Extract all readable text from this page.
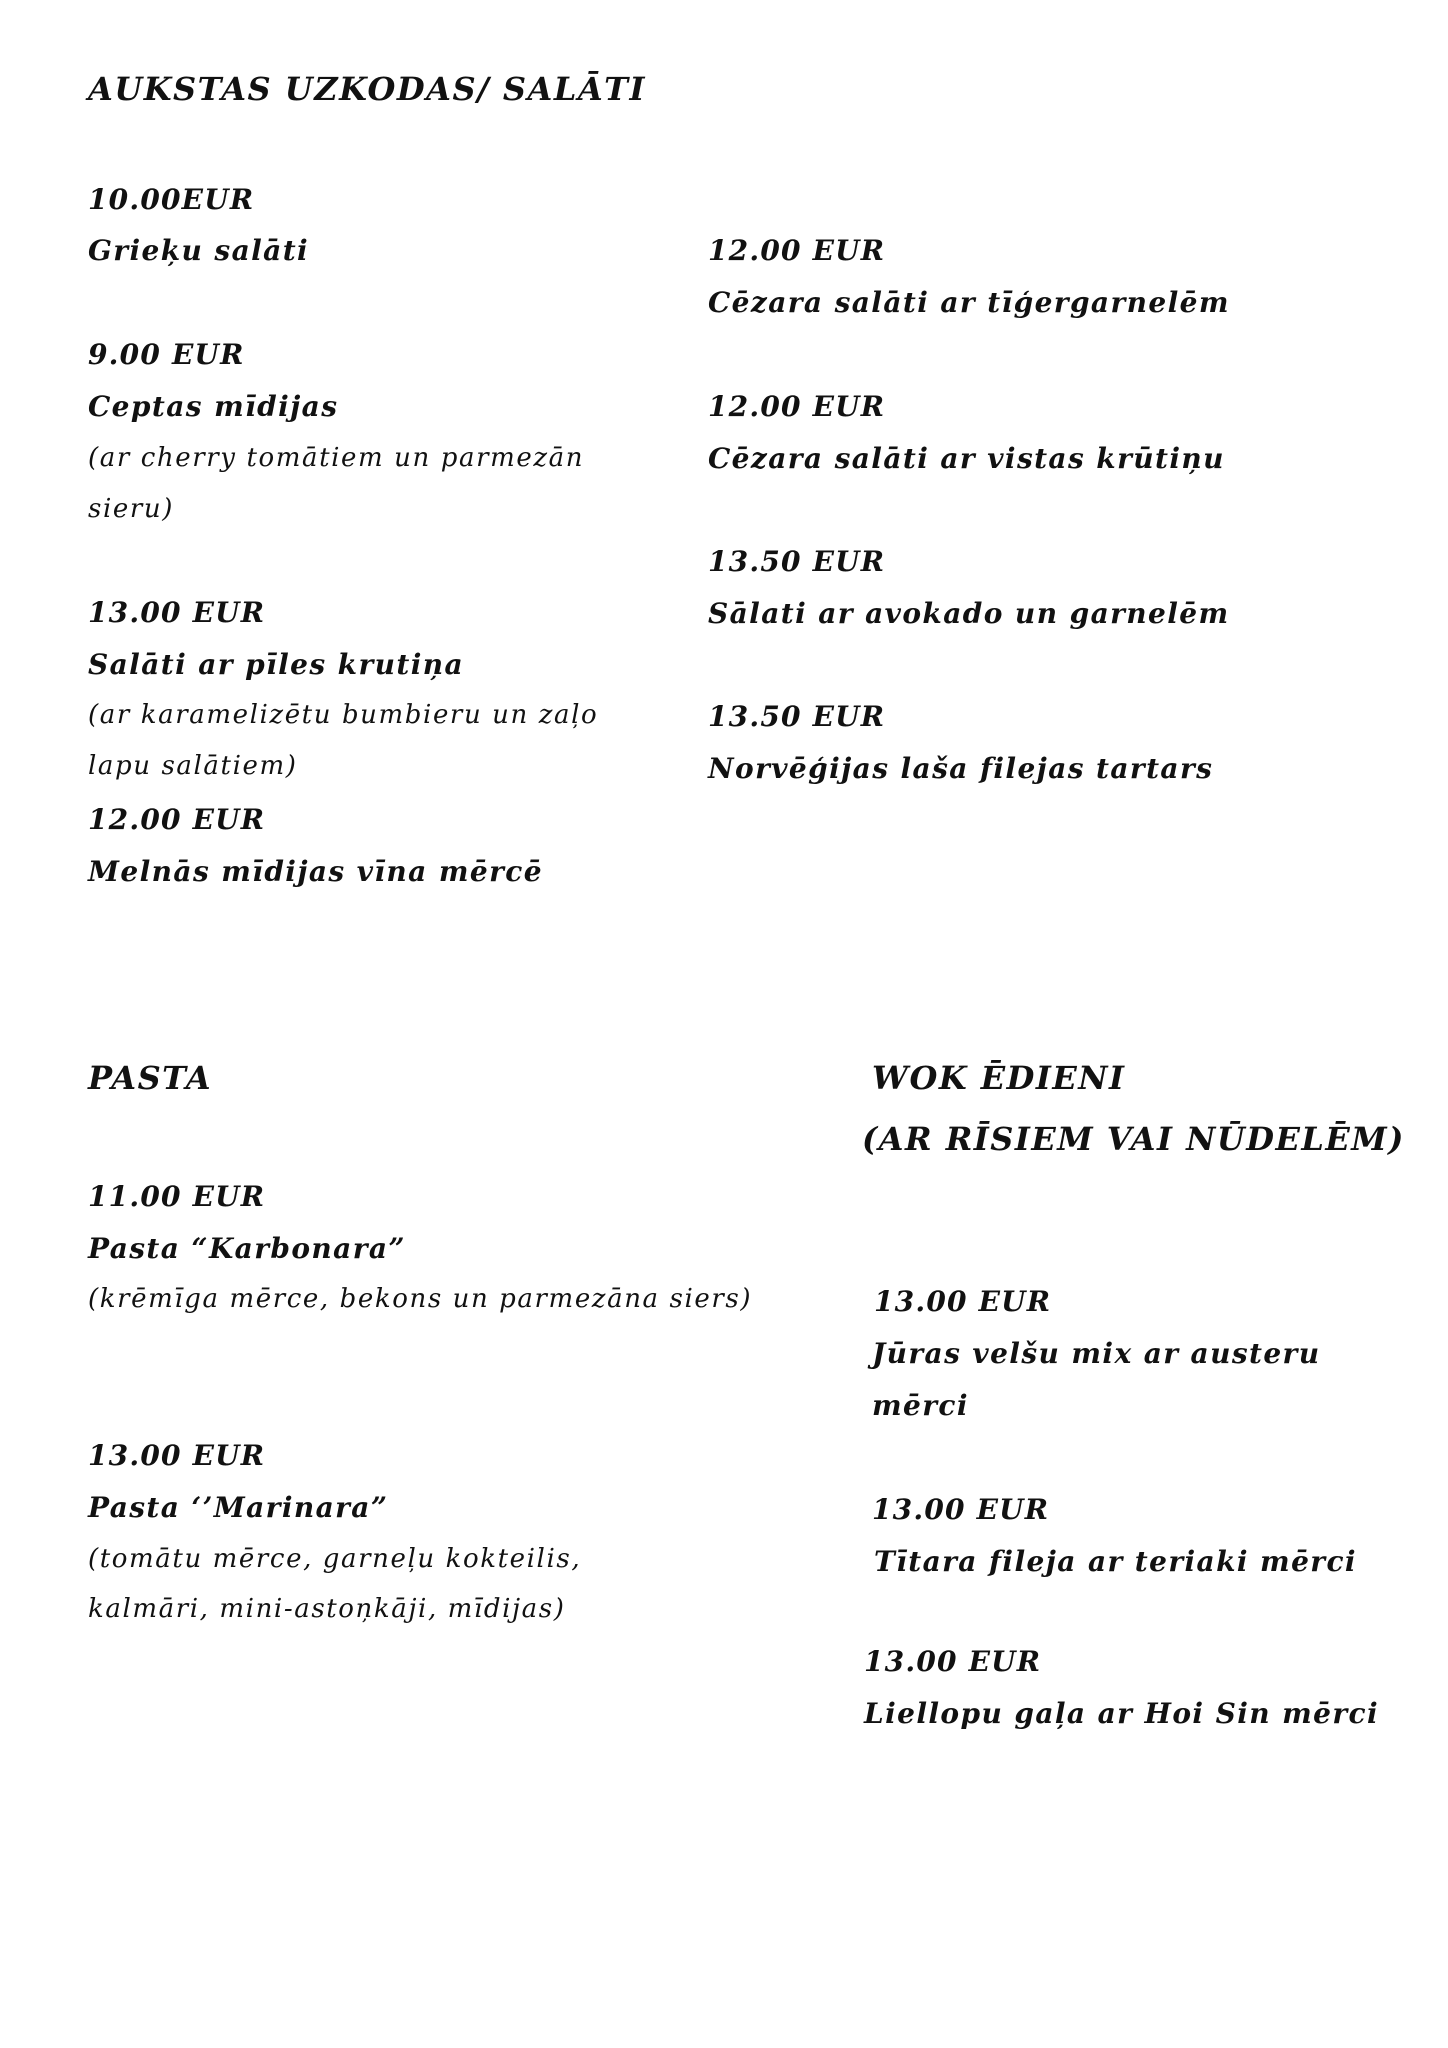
AUKSTAS UZKODAS/ SALĀTI
10.00EUR
Grieķu salāti
9.00 EUR
Ceptas mīdijas
(ar cherry tomātiem un parmezān
sieru)
13.00 EUR
Salāti ar pīles krutiņa
(ar karamelizētu bumbieru un zaļo
lapu salātiem)
12.00 EUR
Melnās mīdijas vīna mērcē
12.00 EUR
Cēzara salāti ar tīģergarnelēm
12.00 EUR
Cēzara salāti ar vistas krūtiņu
13.50 EUR
Sālati ar avokado un garnelēm
13.50 EUR
Norvēģijas laša filejas tartars
PASTA
11.00 EUR
Pasta “Karbonara”
(krēmīga mērce, bekons un parmezāna siers)
13.00 EUR
Pasta ‘’Marinara”
(tomātu mērce, garneļu kokteilis,
kalmāri, mini-astoņkāji, mīdijas)
WOK ĒDIENI
(AR RĪSIEM VAI NŪDELĒM)
13.00 EUR
Jūras velšu mix ar austeru
mērci
13.00 EUR
Tītara fileja ar teriaki mērci
13.00 EUR
Liellopu gaļa ar Hoi Sin mērci
